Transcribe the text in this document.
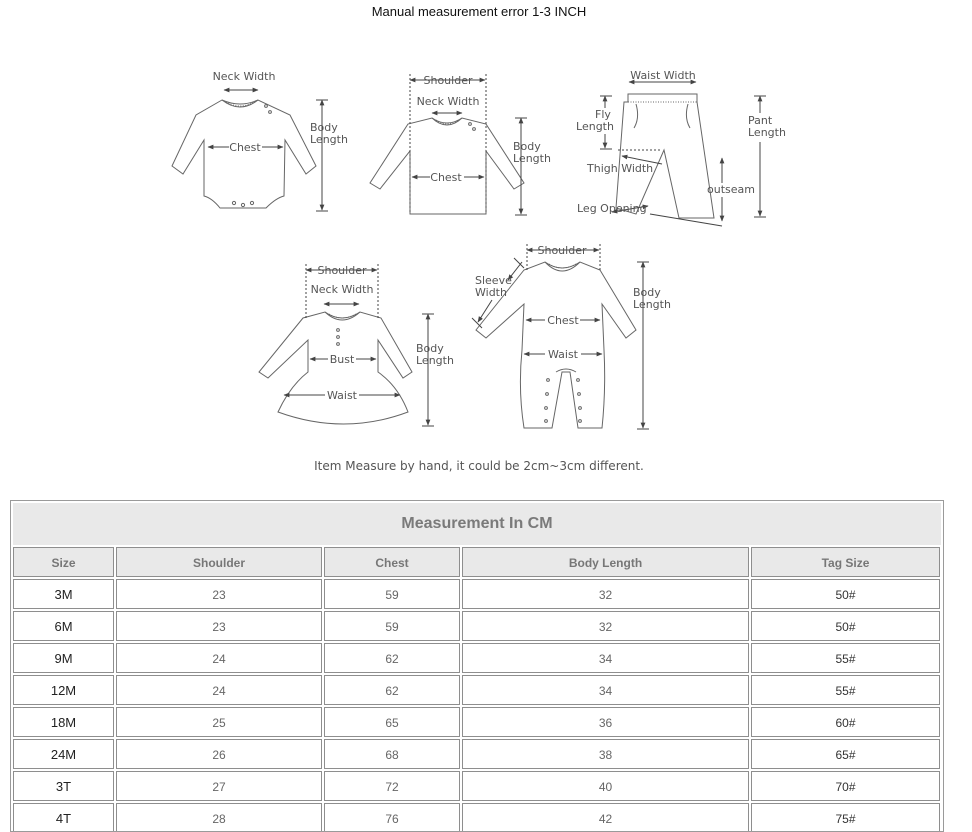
Manual measurement error 1-3 INCH
Neck Width
Chest
Body
Length
Shoulder
Neck Width
Chest
Body
Length
Waist Width
Fly
Length	Pant
Length
Thigh Width
outseam
Leg Opening
Shoulder
Neck Width
Bust
Waist
Body
Length
Shoulder
Sleeve
Width
Chest
Waist
Body
Length
Item Measure by hand, it could be 2cm~3cm different.
Measurement In CM
Size	Shoulder	Chest	Body Length	Tag Size
3M	23	59	32	50#
6M	23	59	32	50#
9M	24	62	34	55#
12M	24	62	34	55#
18M	25	65	36	60#
24M	26	68	38	65#
3T	27	72	40	70#
4T	28	76	42	75#
